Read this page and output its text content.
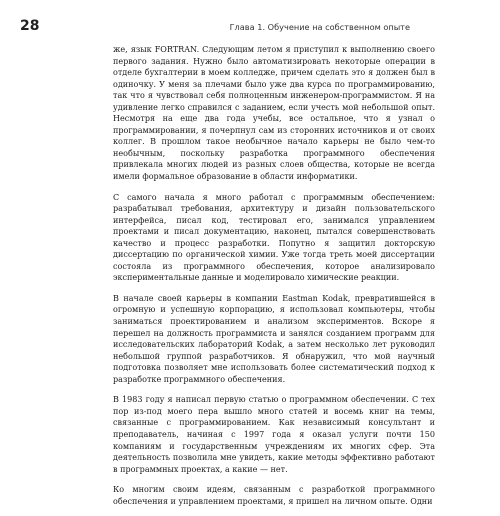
28	Глава 1. Обучение на собственном опыте

же, язык FORTRAN. Следующим летом я приступил к выполнению своего первого задания. Нужно было автоматизировать некоторые операции в отделе бухгалтерии в моем колледже, причем сделать это я должен был в одиночку. У меня за плечами было уже два курса по программированию, так что я чувствовал себя полноценным инженером-программистом. Я на удивление легко справился с заданием, если учесть мой небольшой опыт. Несмотря на еще два года учебы, все остальное, что я узнал о программировании, я почерпнул сам из сторонних источников и от своих коллег. В прошлом такое необычное начало карьеры не было чем-то необычным, поскольку разработка программного обеспечения привлекала многих людей из разных слоев общества, которые не всегда имели формальное образование в области информатики.

С самого начала я много работал с программным обеспечением: разрабатывал требования, архитектуру и дизайн пользовательского интерфейса, писал код, тестировал его, занимался управлением проектами и писал документацию, наконец, пытался совершенствовать качество и процесс разработки. Попутно я защитил докторскую диссертацию по органической химии. Уже тогда треть моей диссертации состояла из программного обеспечения, которое анализировало экспериментальные данные и моделировало химические реакции.

В начале своей карьеры в компании Eastman Kodak, превратившейся в огромную и успешную корпорацию, я использовал компьютеры, чтобы заниматься проектированием и анализом экспериментов. Вскоре я перешел на должность программиста и занялся созданием программ для исследовательских лабораторий Kodak, а затем несколько лет руководил небольшой группой разработчиков. Я обнаружил, что мой научный подготовка позволяет мне использовать более систематический подход к разработке программного обеспечения.

В 1983 году я написал первую статью о программном обеспечении. С тех пор из-под моего пера вышло много статей и восемь книг на темы, связанные с программированием. Как независимый консультант и преподаватель, начиная с 1997 года я оказал услуги почти 150 компаниям и государственным учреждениям их многих сфер. Эта деятельность позволила мне увидеть, какие методы эффективно работают в программных проектах, а какие — нет.

Ко многим своим идеям, связанным с разработкой программного обеспечения и управлением проектами, я пришел на личном опыте. Одни
